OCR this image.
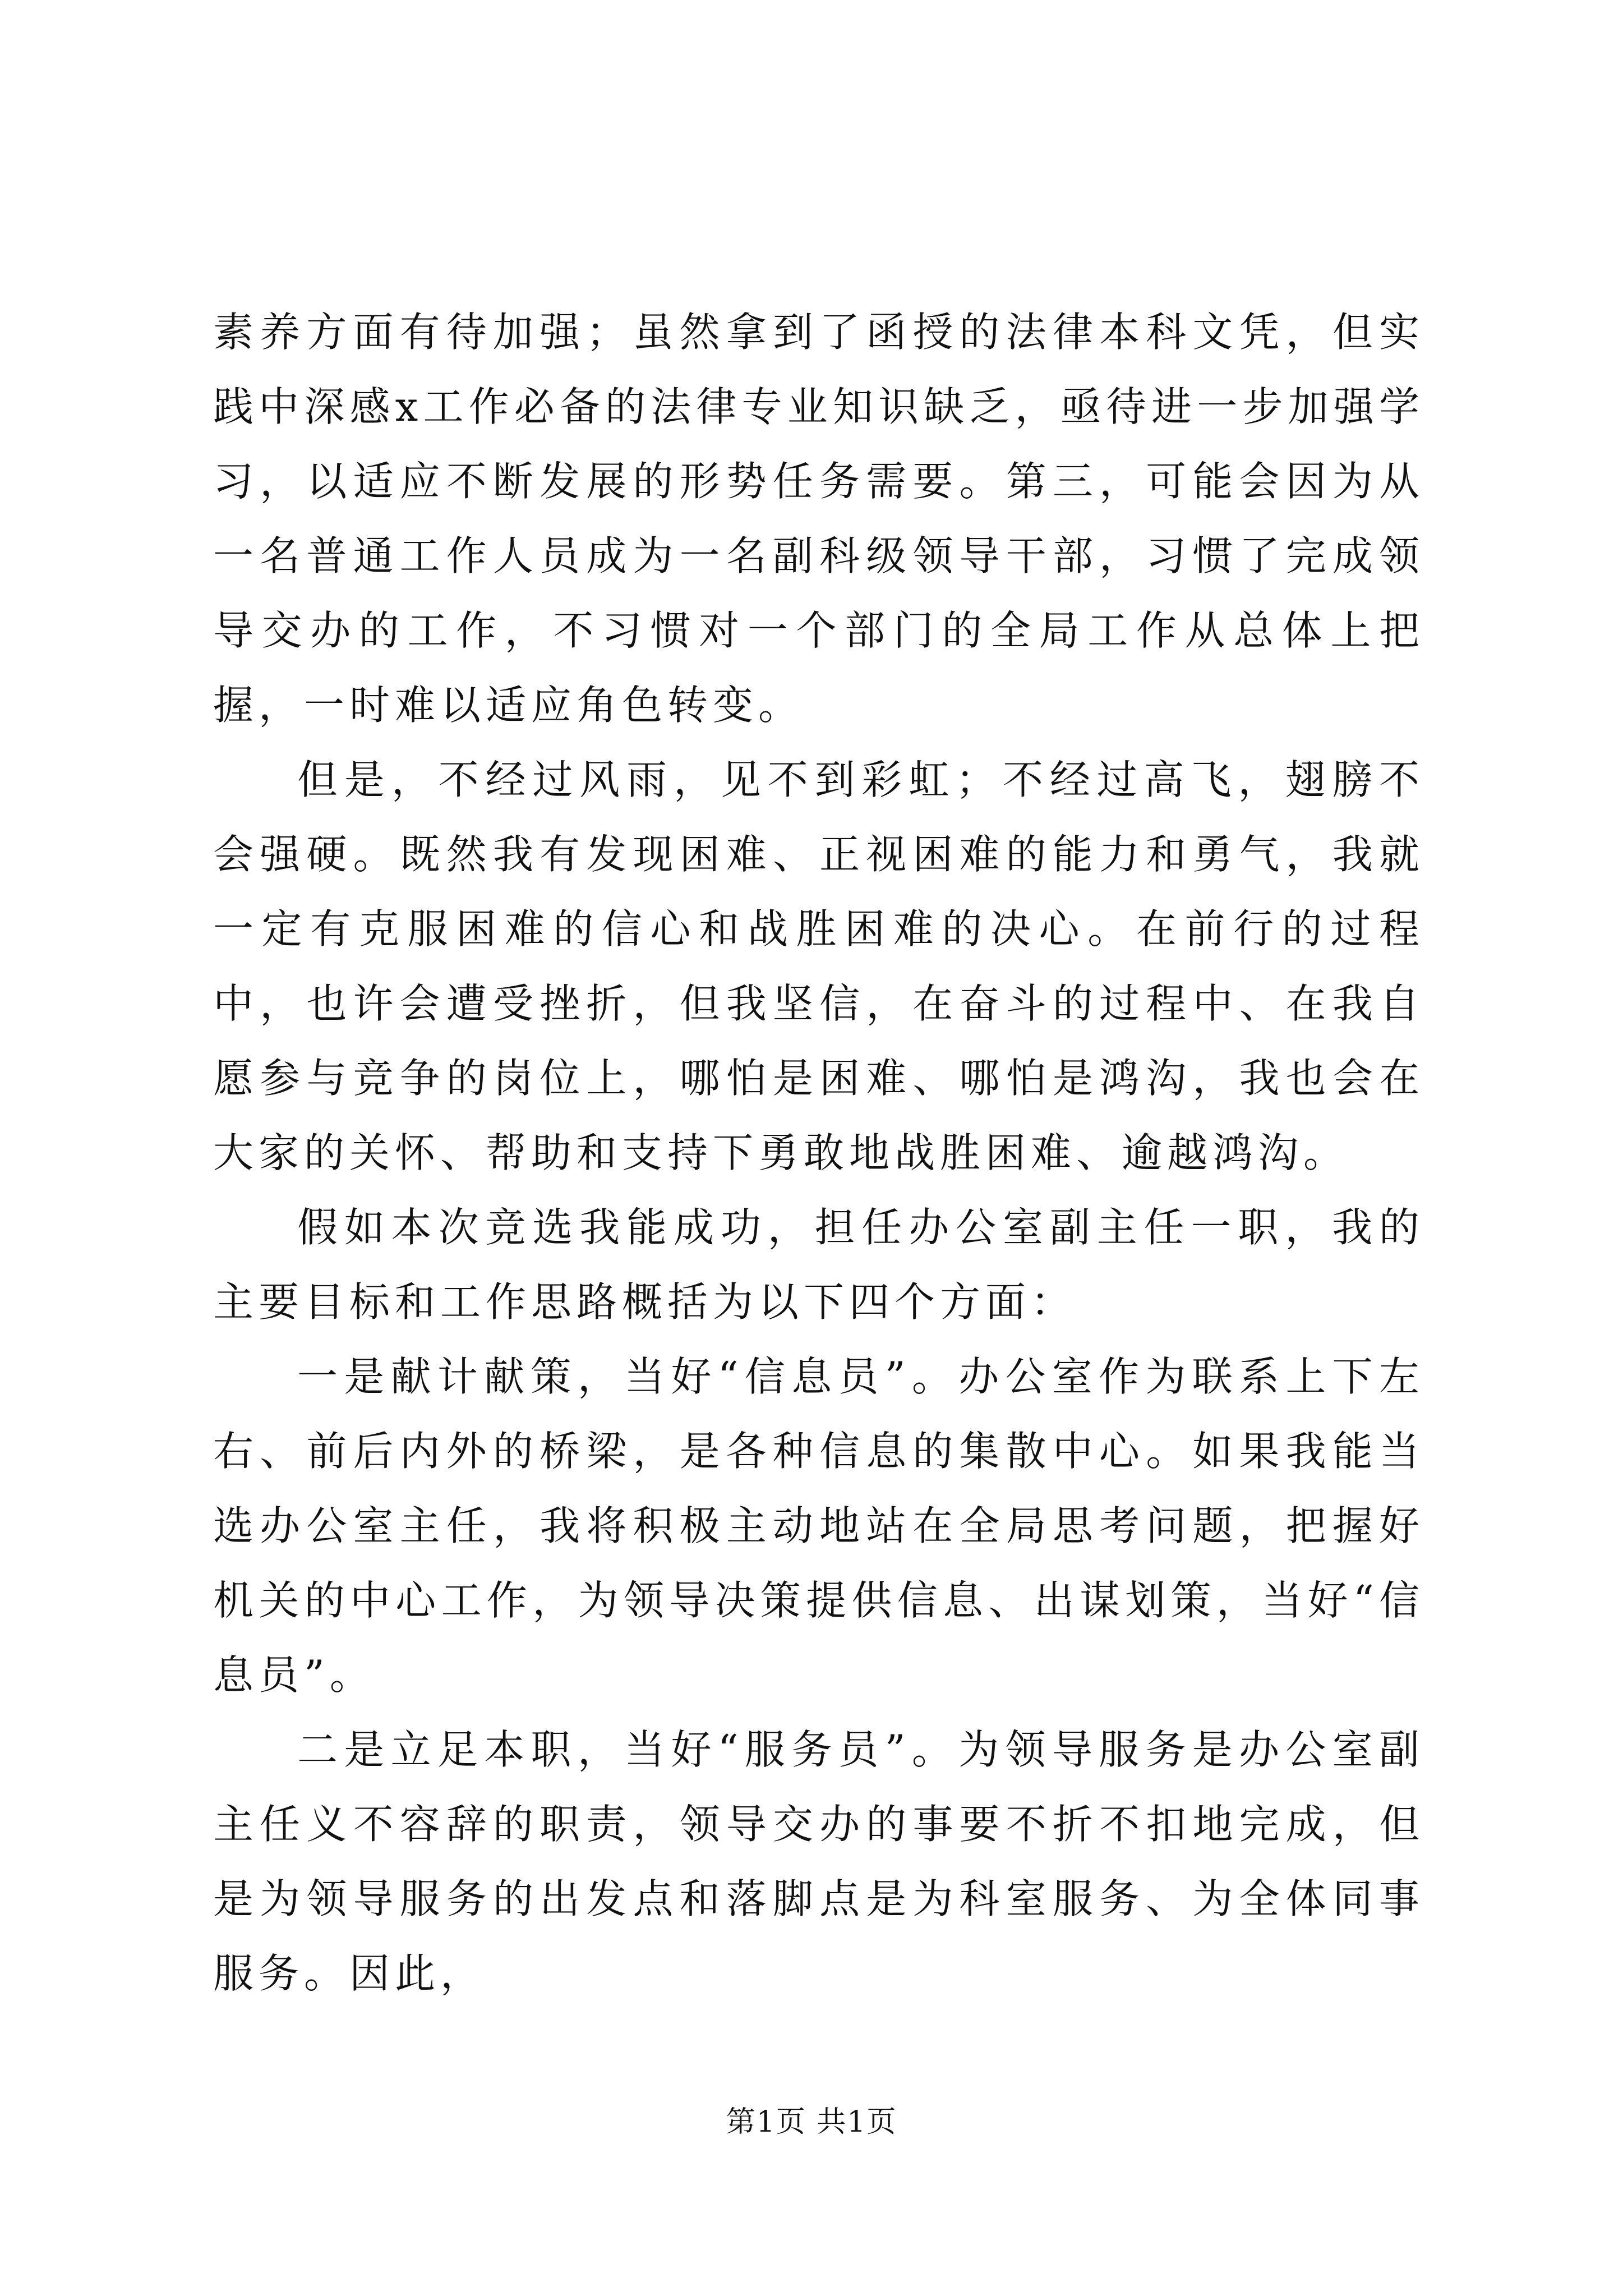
素养方面有待加强；虽然拿到了函授的法律本科文凭，但实践中深感x工作必备的法律专业知识缺乏，亟待进一步加强学习，以适应不断发展的形势任务需要。第三，可能会因为从一名普通工作人员成为一名副科级领导干部，习惯了完成领导交办的工作，不习惯对一个部门的全局工作从总体上把握，一时难以适应角色转变。

但是，不经过风雨，见不到彩虹；不经过高飞，翅膀不会强硬。既然我有发现困难、正视困难的能力和勇气，我就一定有克服困难的信心和战胜困难的决心。在前行的过程中，也许会遭受挫折，但我坚信，在奋斗的过程中、在我自愿参与竞争的岗位上，哪怕是困难、哪怕是鸿沟，我也会在大家的关怀、帮助和支持下勇敢地战胜困难、逾越鸿沟。

假如本次竞选我能成功，担任办公室副主任一职，我的主要目标和工作思路概括为以下四个方面：

一是献计献策，当好“信息员”。办公室作为联系上下左右、前后内外的桥梁，是各种信息的集散中心。如果我能当选办公室主任，我将积极主动地站在全局思考问题，把握好机关的中心工作，为领导决策提供信息、出谋划策，当好“信息员”。

二是立足本职，当好“服务员”。为领导服务是办公室副主任义不容辞的职责，领导交办的事要不折不扣地完成，但是为领导服务的出发点和落脚点是为科室服务、为全体同事服务。因此，

第1页 共1页
